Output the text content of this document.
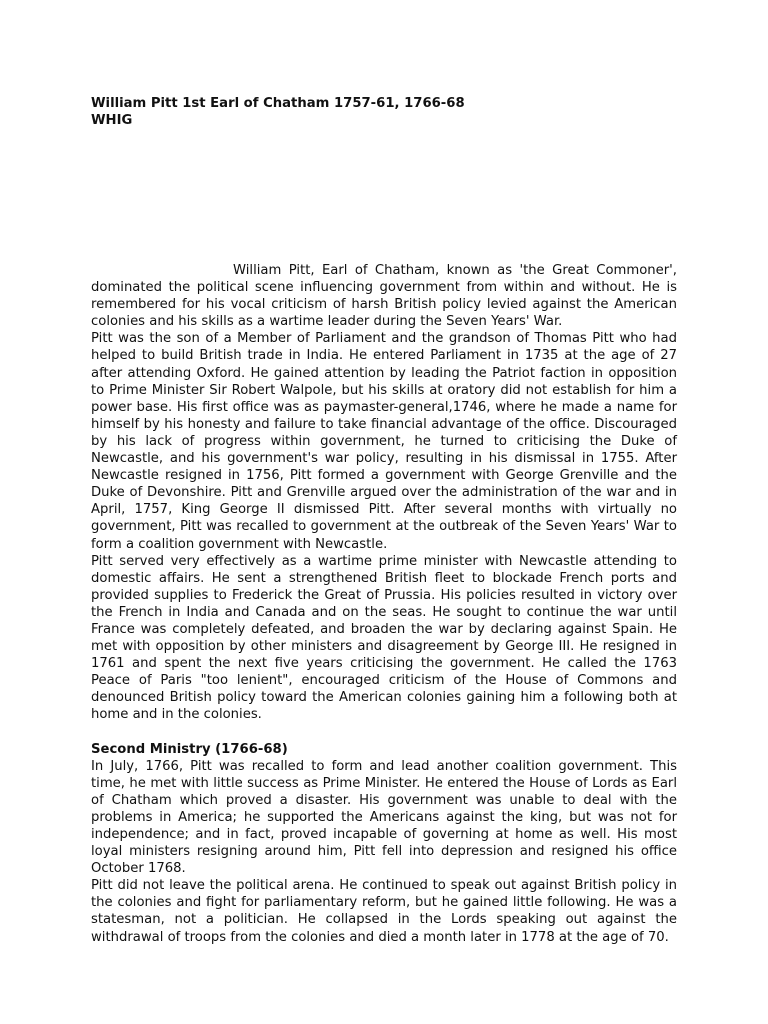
William Pitt 1st Earl of Chatham 1757-61, 1766-68
WHIG

William Pitt, Earl of Chatham, known as 'the Great Commoner', dominated the political scene influencing government from within and without. He is remembered for his vocal criticism of harsh British policy levied against the American colonies and his skills as a wartime leader during the Seven Years' War.

Pitt was the son of a Member of Parliament and the grandson of Thomas Pitt who had helped to build British trade in India. He entered Parliament in 1735 at the age of 27 after attending Oxford. He gained attention by leading the Patriot faction in opposition to Prime Minister Sir Robert Walpole, but his skills at oratory did not establish for him a power base. His first office was as paymaster-general,1746, where he made a name for himself by his honesty and failure to take financial advantage of the office. Discouraged by his lack of progress within government, he turned to criticising the Duke of Newcastle, and his government's war policy, resulting in his dismissal in 1755. After Newcastle resigned in 1756, Pitt formed a government with George Grenville and the Duke of Devonshire. Pitt and Grenville argued over the administration of the war and in April, 1757, King George II dismissed Pitt. After several months with virtually no government, Pitt was recalled to government at the outbreak of the Seven Years' War to form a coalition government with Newcastle.

Pitt served very effectively as a wartime prime minister with Newcastle attending to domestic affairs. He sent a strengthened British fleet to blockade French ports and provided supplies to Frederick the Great of Prussia. His policies resulted in victory over the French in India and Canada and on the seas. He sought to continue the war until France was completely defeated, and broaden the war by declaring against Spain. He met with opposition by other ministers and disagreement by George III. He resigned in 1761 and spent the next five years criticising the government. He called the 1763 Peace of Paris "too lenient", encouraged criticism of the House of Commons and denounced British policy toward the American colonies gaining him a following both at home and in the colonies.

Second Ministry (1766-68)

In July, 1766, Pitt was recalled to form and lead another coalition government. This time, he met with little success as Prime Minister. He entered the House of Lords as Earl of Chatham which proved a disaster. His government was unable to deal with the problems in America; he supported the Americans against the king, but was not for independence; and in fact, proved incapable of governing at home as well. His most loyal ministers resigning around him, Pitt fell into depression and resigned his office October 1768.

Pitt did not leave the political arena. He continued to speak out against British policy in the colonies and fight for parliamentary reform, but he gained little following. He was a statesman, not a politician. He collapsed in the Lords speaking out against the withdrawal of troops from the colonies and died a month later in 1778 at the age of 70.
